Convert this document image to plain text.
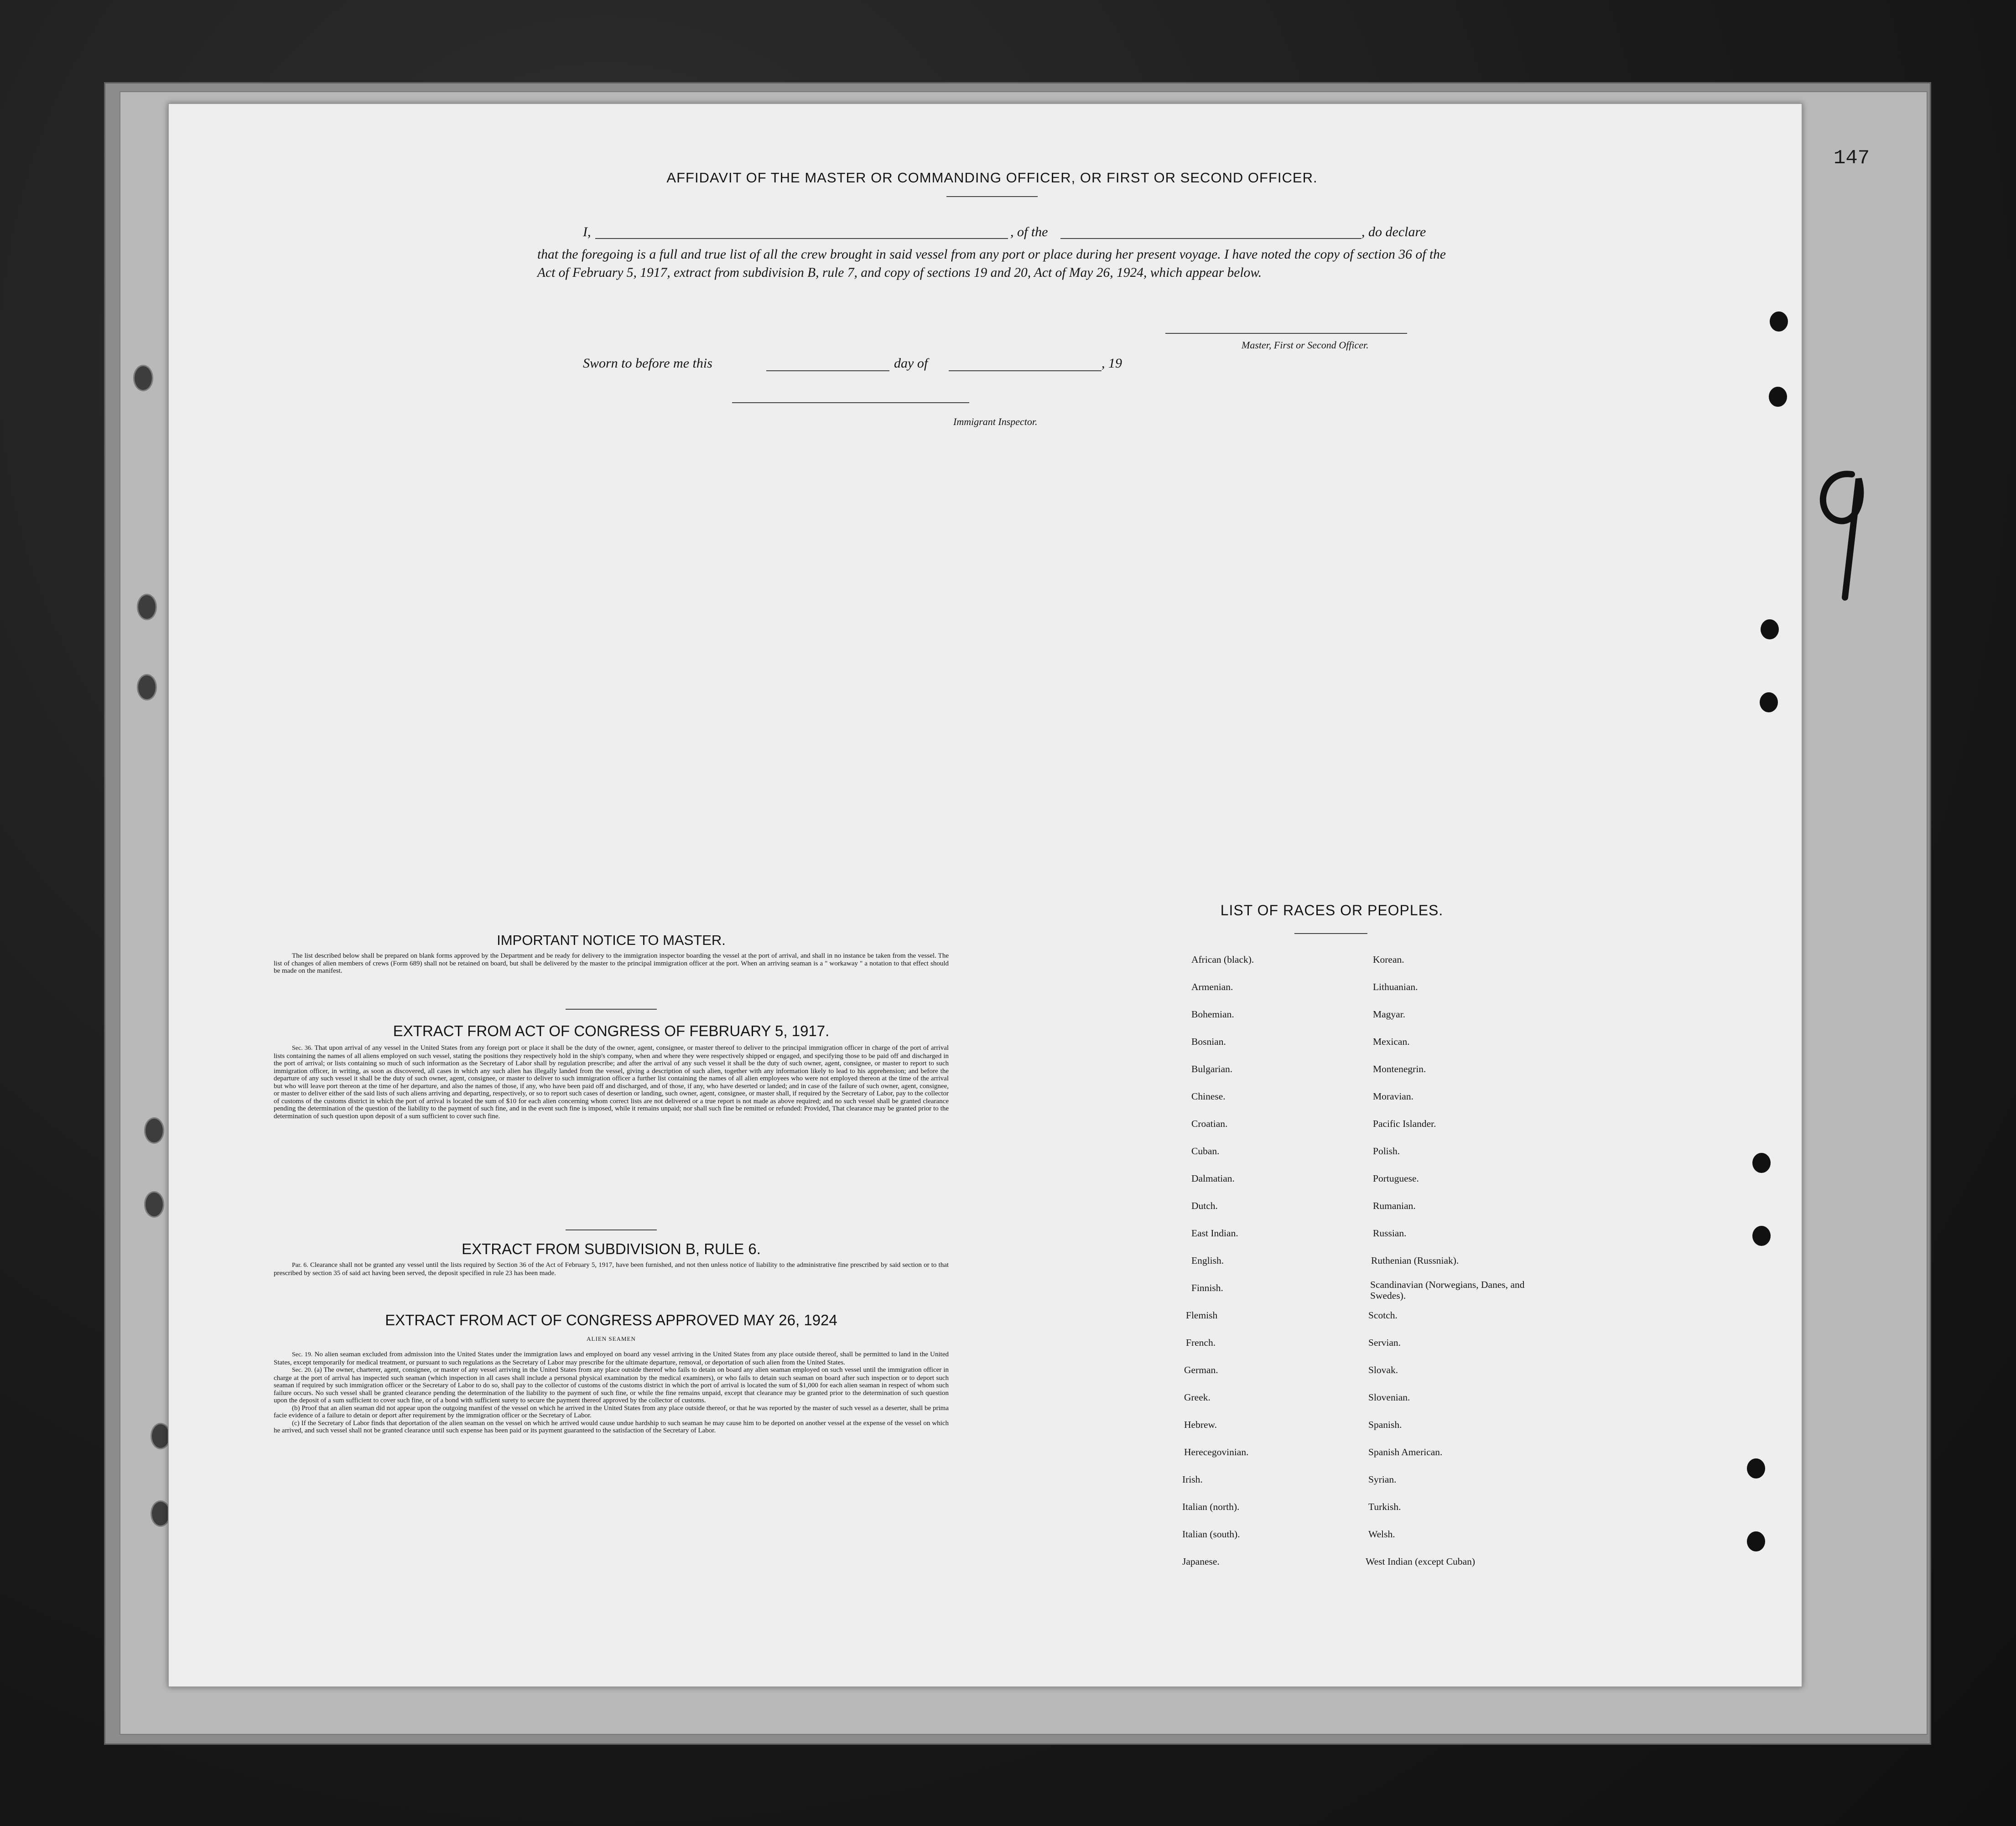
147
AFFIDAVIT OF THE MASTER OR COMMANDING OFFICER, OR FIRST OR SECOND OFFICER.
I,	, of the	, do declare
that the foregoing is a full and true list of all the crew brought in said vessel from any port or place during her present voyage. I have noted the copy of section 36 of the Act of February 5, 1917, extract from subdivision B, rule 7, and copy of sections 19 and 20, Act of May 26, 1924, which appear below.
Master, First or Second Officer.
Sworn to before me this	day of	, 19
Immigrant Inspector.
IMPORTANT NOTICE TO MASTER.

The list described below shall be prepared on blank forms approved by the Department and be ready for delivery to the immigration inspector boarding the vessel at the port of arrival, and shall in no instance be taken from the vessel. The list of changes of alien members of crews (Form 689) shall not be retained on board, but shall be delivered by the master to the principal immigration officer at the port. When an arriving seaman is a " workaway " a notation to that effect should be made on the manifest.

EXTRACT FROM ACT OF CONGRESS OF FEBRUARY 5, 1917.

Sec. 36. That upon arrival of any vessel in the United States from any foreign port or place it shall be the duty of the owner, agent, consignee, or master thereof to deliver to the principal immigration officer in charge of the port of arrival lists containing the names of all aliens employed on such vessel, stating the positions they respectively hold in the ship's company, when and where they were respectively shipped or engaged, and specifying those to be paid off and discharged in the port of arrival; or lists containing so much of such information as the Secretary of Labor shall by regulation prescribe; and after the arrival of any such vessel it shall be the duty of such owner, agent, consignee, or master to report to such immigration officer, in writing, as soon as discovered, all cases in which any such alien has illegally landed from the vessel, giving a description of such alien, together with any information likely to lead to his apprehension; and before the departure of any such vessel it shall be the duty of such owner, agent, consignee, or master to deliver to such immigration officer a further list containing the names of all alien employees who were not employed thereon at the time of the arrival but who will leave port thereon at the time of her departure, and also the names of those, if any, who have been paid off and discharged, and of those, if any, who have deserted or landed; and in case of the failure of such owner, agent, consignee, or master to deliver either of the said lists of such aliens arriving and departing, respectively, or so to report such cases of desertion or landing, such owner, agent, consignee, or master shall, if required by the Secretary of Labor, pay to the collector of customs of the customs district in which the port of arrival is located the sum of $10 for each alien concerning whom correct lists are not delivered or a true report is not made as above required; and no such vessel shall be granted clearance pending the determination of the question of the liability to the payment of such fine, and in the event such fine is imposed, while it remains unpaid; nor shall such fine be remitted or refunded: Provided, That clearance may be granted prior to the determination of such question upon deposit of a sum sufficient to cover such fine.

EXTRACT FROM SUBDIVISION B, RULE 6.

Par. 6. Clearance shall not be granted any vessel until the lists required by Section 36 of the Act of February 5, 1917, have been furnished, and not then unless notice of liability to the administrative fine prescribed by said section or to that prescribed by section 35 of said act having been served, the deposit specified in rule 23 has been made.

EXTRACT FROM ACT OF CONGRESS APPROVED MAY 26, 1924
ALIEN SEAMEN

Sec. 19. No alien seaman excluded from admission into the United States under the immigration laws and employed on board any vessel arriving in the United States from any place outside thereof, shall be permitted to land in the United States, except temporarily for medical treatment, or pursuant to such regulations as the Secretary of Labor may prescribe for the ultimate departure, removal, or deportation of such alien from the United States.

Sec. 20. (a) The owner, charterer, agent, consignee, or master of any vessel arriving in the United States from any place outside thereof who fails to detain on board any alien seaman employed on such vessel until the immigration officer in charge at the port of arrival has inspected such seaman (which inspection in all cases shall include a personal physical examination by the medical examiners), or who fails to detain such seaman on board after such inspection or to deport such seaman if required by such immigration officer or the Secretary of Labor to do so, shall pay to the collector of customs of the customs district in which the port of arrival is located the sum of $1,000 for each alien seaman in respect of whom such failure occurs. No such vessel shall be granted clearance pending the determination of the liability to the payment of such fine, or while the fine remains unpaid, except that clearance may be granted prior to the determination of such question upon the deposit of a sum sufficient to cover such fine, or of a bond with sufficient surety to secure the payment thereof approved by the collector of customs.

(b) Proof that an alien seaman did not appear upon the outgoing manifest of the vessel on which he arrived in the United States from any place outside thereof, or that he was reported by the master of such vessel as a deserter, shall be prima facie evidence of a failure to detain or deport after requirement by the immigration officer or the Secretary of Labor.

(c) If the Secretary of Labor finds that deportation of the alien seaman on the vessel on which he arrived would cause undue hardship to such seaman he may cause him to be deported on another vessel at the expense of the vessel on which he arrived, and such vessel shall not be granted clearance until such expense has been paid or its payment guaranteed to the satisfaction of the Secretary of Labor.

LIST OF RACES OR PEOPLES.
African (black).
Armenian.
Bohemian.
Bosnian.
Bulgarian.
Chinese.
Croatian.
Cuban.
Dalmatian.
Dutch.
East Indian.
English.
Finnish.
Flemish
French.
German.
Greek.
Hebrew.
Herecegovinian.
Irish.
Italian (north).
Italian (south).
Japanese.
Korean.
Lithuanian.
Magyar.
Mexican.
Montenegrin.
Moravian.
Pacific Islander.
Polish.
Portuguese.
Rumanian.
Russian.
Ruthenian (Russniak).
Scandinavian (Norwegians, Danes, and Swedes).
Scotch.
Servian.
Slovak.
Slovenian.
Spanish.
Spanish American.
Syrian.
Turkish.
Welsh.
West Indian (except Cuban)
